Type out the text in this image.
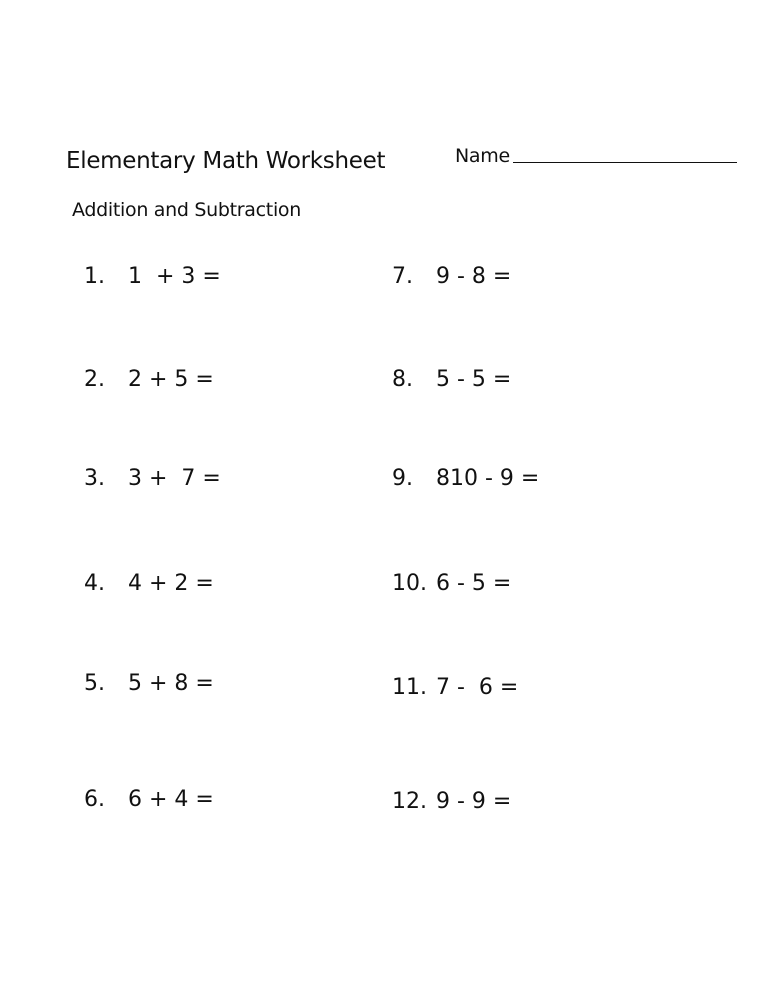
Elementary Math Worksheet	Name
Addition and Subtraction
1.	1  + 3 =
2.	2 + 5 =
3.	3 +  7 =
4.	4 + 2 =
5.	5 + 8 =
6.	6 + 4 =
7.	9 - 8 =
8.	5 - 5 =
9.	810 - 9 =
10. 6 - 5 =
11. 7 -  6 =
12. 9 - 9 =
